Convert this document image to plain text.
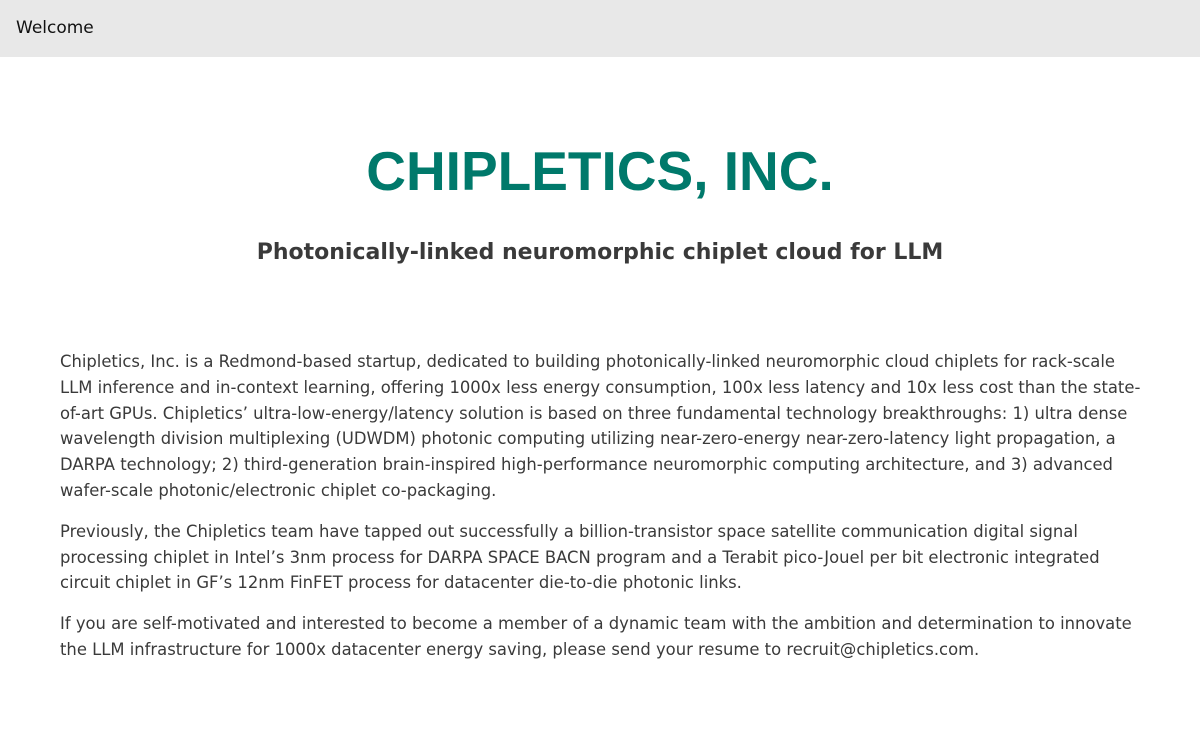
Welcome
CHIPLETICS, INC.
Photonically-linked neuromorphic chiplet cloud for LLM

Chipletics, Inc. is a Redmond-based startup, dedicated to building photonically-linked neuromorphic cloud chiplets for rack-scale LLM inference and in-context learning, offering 1000x less energy consumption, 100x less latency and 10x less cost than the state-of-art GPUs. Chipletics’ ultra-low-energy/latency solution is based on three fundamental technology breakthroughs: 1) ultra dense wavelength division multiplexing (UDWDM) photonic computing utilizing near-zero-energy near-zero-latency light propagation, a DARPA technology; 2) third-generation brain-inspired high-performance neuromorphic computing architecture, and 3) advanced wafer-scale photonic/electronic chiplet co-packaging.

Previously, the Chipletics team have tapped out successfully a billion-transistor space satellite communication digital signal processing chiplet in Intel’s 3nm process for DARPA SPACE BACN program and a Terabit pico-Jouel per bit electronic integrated circuit chiplet in GF’s 12nm FinFET process for datacenter die-to-die photonic links.

If you are self-motivated and interested to become a member of a dynamic team with the ambition and determination to innovate the LLM infrastructure for 1000x datacenter energy saving, please send your resume to recruit@chipletics.com.
